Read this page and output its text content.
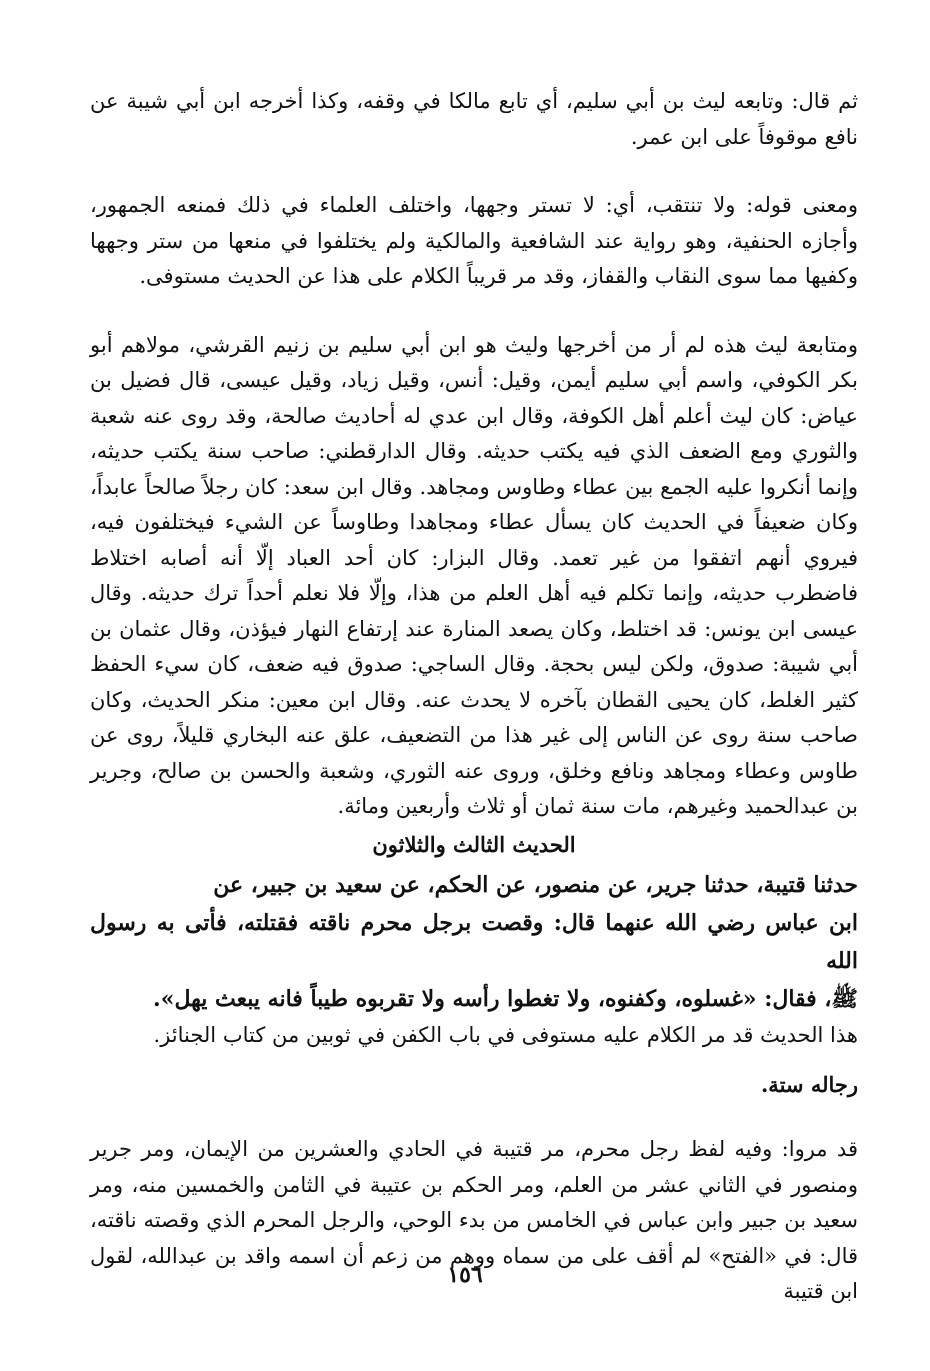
ثم قال: وتابعه ليث بن أبي سليم، أي تابع مالكا في وقفه، وكذا أخرجه ابن أبي شيبة عن نافع موقوفاً على ابن عمر.

ومعنى قوله: ولا تنتقب، أي: لا تستر وجهها، واختلف العلماء في ذلك فمنعه الجمهور، وأجازه الحنفية، وهو رواية عند الشافعية والمالكية ولم يختلفوا في منعها من ستر وجهها وكفيها مما سوى النقاب والقفاز، وقد مر قريباً الكلام على هذا عن الحديث مستوفى.

ومتابعة ليث هذه لم أر من أخرجها وليث هو ابن أبي سليم بن زنيم القرشي، مولاهم أبو بكر الكوفي، واسم أبي سليم أيمن، وقيل: أنس، وقيل زياد، وقيل عيسى، قال فضيل بن عياض: كان ليث أعلم أهل الكوفة، وقال ابن عدي له أحاديث صالحة، وقد روى عنه شعبة والثوري ومع الضعف الذي فيه يكتب حديثه. وقال الدارقطني: صاحب سنة يكتب حديثه، وإنما أنكروا عليه الجمع بين عطاء وطاوس ومجاهد. وقال ابن سعد: كان رجلاً صالحاً عابداً، وكان ضعيفاً في الحديث كان يسأل عطاء ومجاهدا وطاوساً عن الشيء فيختلفون فيه، فيروي أنهم اتفقوا من غير تعمد. وقال البزار: كان أحد العباد إلّا أنه أصابه اختلاط فاضطرب حديثه، وإنما تكلم فيه أهل العلم من هذا، وإلّا فلا نعلم أحداً ترك حديثه. وقال عيسى ابن يونس: قد اختلط، وكان يصعد المنارة عند إرتفاع النهار فيؤذن، وقال عثمان بن أبي شيبة: صدوق، ولكن ليس بحجة. وقال الساجي: صدوق فيه ضعف، كان سيء الحفظ كثير الغلط، كان يحيى القطان بآخره لا يحدث عنه. وقال ابن معين: منكر الحديث، وكان صاحب سنة روى عن الناس إلى غير هذا من التضعيف، علق عنه البخاري قليلاً، روى عن طاوس وعطاء ومجاهد ونافع وخلق، وروى عنه الثوري، وشعبة والحسن بن صالح، وجرير بن عبدالحميد وغيرهم، مات سنة ثمان أو ثلاث وأربعين ومائة.

الحديث الثالث والثلاثون

حدثنا قتيبة، حدثنا جرير، عن منصور، عن الحكم، عن سعيد بن جبير، عن

ابن عباس رضي الله عنهما قال: وقصت برجل محرم ناقته فقتلته، فأتى به رسول الله

ﷺ، فقال: «غسلوه، وكفنوه، ولا تغطوا رأسه ولا تقربوه طيباً فانه يبعث يهل».

هذا الحديث قد مر الكلام عليه مستوفى في باب الكفن في ثوبين من كتاب الجنائز.

رجاله ستة.

قد مروا: وفيه لفظ رجل محرم، مر قتيبة في الحادي والعشرين من الإيمان، ومر جرير ومنصور في الثاني عشر من العلم، ومر الحكم بن عتيبة في الثامن والخمسين منه، ومر سعيد بن جبير وابن عباس في الخامس من بدء الوحي، والرجل المحرم الذي وقصته ناقته، قال: في «الفتح» لم أقف على من سماه ووهم من زعم أن اسمه واقد بن عبدالله، لقول ابن قتيبة

١٥٦
